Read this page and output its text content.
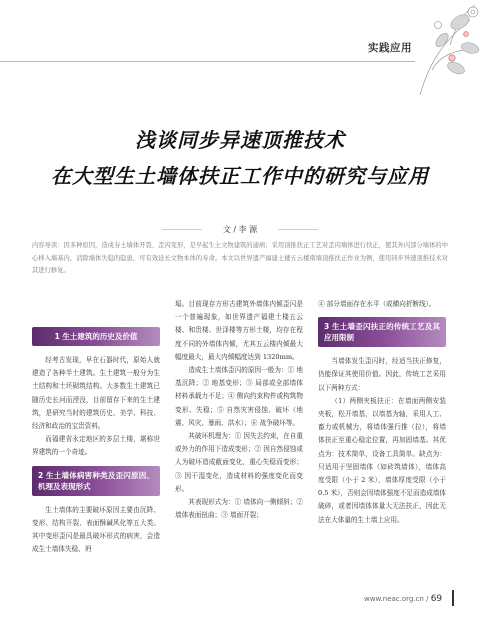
实践应用
浅谈同步异速顶推技术
在大型生土墙体扶正工作中的研究与应用
文 / 李 源
内容导读：因多种原因，造成夯土墙体开裂、歪闪变形，是早起生土文物建筑的通病；采用顶推扶正工艺对歪闪墙体进行扶正，使其外闪部分墙体的中心移入墙基内，消除墙体失稳的隐患，可有效延长文物本体的寿命。本文以世界遗产福建土楼五云楼南墙顶推扶正作业为例，使用同步异速顶推技术对其进行修复。
1 生土建筑的历史及价值

经考古发现，早在石器时代，原始人就建造了各种半土建筑。生土建筑一般分为生土结构和土坯砌筑结构。大多数生土建筑已随历史长河而湮没，目前留存下来的生土建筑，是研究当时的建筑历史、美学、科技、经济和政治的宝贵资料。

而福建省永定地区的多层土楼，堪称世界建筑的一个奇迹。

2 生土墙体病害种类及歪闪原因、机理及表现形式

生土墙体的主要破坏原因主要由沉降、变形、结构开裂、表面酥碱风化等五大类。其中变形歪闪是最具破坏形式的病害，会造成生土墙体失稳、坍

塌。目前现存方形古建筑外墙体内倾歪闪是一个普遍现象，如世界遗产福建土楼五云楼、和贵楼、世泽楼等方形土楼，均存在程度不同的外墙体内倾，尤其五云楼内倾最大幅度最大，最大内倾幅度达到 1320mm。

造成生土墙体歪闪的原因一般为：① 地基沉降；② 地基变形；③ 局部或全部墙体材料承载力不足；④ 侧向约束构件或构筑物变形、失稳；⑤ 自然灾害侵蚀、破坏（地震、风灾、暴雨、洪水）；⑥ 战争破坏等。

其破坏机理为：① 因失去约束，在自重或外力的作用下造成变形；② 因自然侵蚀或人为破坏造成截面变化，重心失稳而变形；③ 因干湿变化，造成材料的强度变化而变形。

其表现形式为：① 墙体向一侧倾斜；② 墙体表面扭曲；③ 墙面开裂；

④ 部分墙面存在水平（或横向折断线）。

3 生土墙歪闪扶正的传统工艺及其应用限制

当墙体发生歪闪时，经适当扶正修复，仍能保证其使用价值。因此，传统工艺采用以下两种方式：

（1）两侧夹板扶正：在墙面两侧安装夹板，松开墙基，以墙基为轴，采用人工、畜力或机械力，将墙体强行推（拉），将墙体扶正至重心稳定位置，再加固墙基。其优点为：技术简单，设备工具简单。缺点为：只适用于坚固墙体（如砖筑墙体），墙体高度受限（小于 2 米），墙体厚度受限（小于 0.5 米），否则会因墙体强度不足而造成墙体破碎，或者因墙体体量大无法扶正，因此无法在大体量的生土墙上应用。

www.neac.org.cn / 69
